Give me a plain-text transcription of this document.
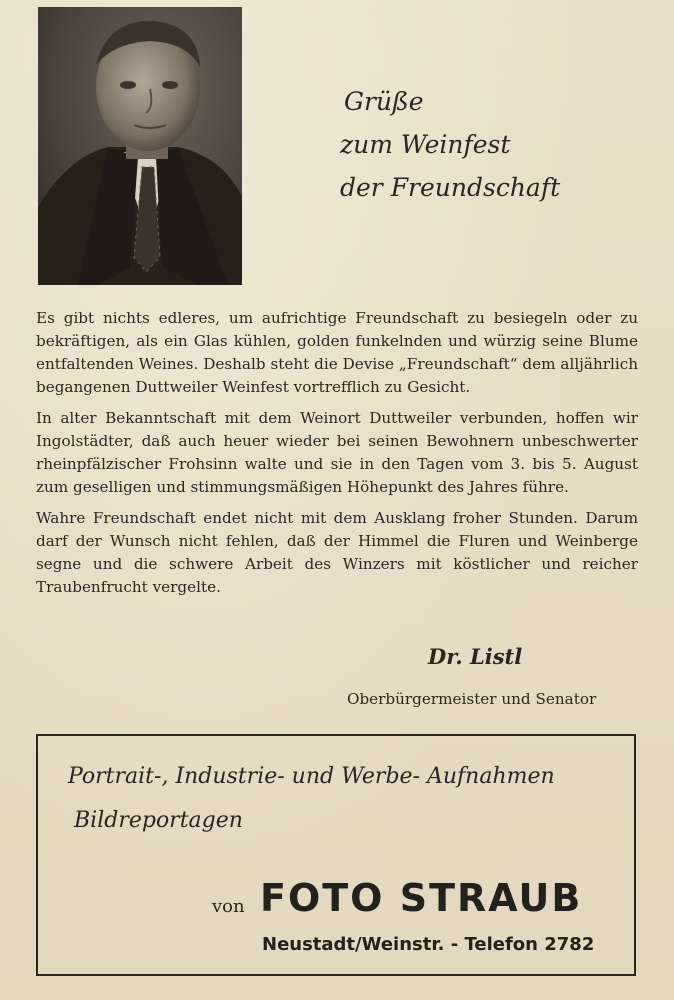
Grüße
zum Weinfest
der Freundschaft

Es gibt nichts edleres, um aufrichtige Freundschaft zu besiegeln oder zu bekräftigen, als ein Glas kühlen, golden funkelnden und würzig seine Blume entfaltenden Weines. Deshalb steht die Devise „Freundschaft“ dem alljährlich begangenen Duttweiler Weinfest vortrefflich zu Gesicht.

In alter Bekanntschaft mit dem Weinort Duttweiler verbunden, hoffen wir Ingolstädter, daß auch heuer wieder bei seinen Bewohnern unbeschwerter rheinpfälzischer Frohsinn walte und sie in den Tagen vom 3. bis 5. August zum geselligen und stimmungsmäßigen Höhepunkt des Jahres führe.

Wahre Freundschaft endet nicht mit dem Ausklang froher Stunden. Darum darf der Wunsch nicht fehlen, daß der Himmel die Fluren und Weinberge segne und die schwere Arbeit des Winzers mit köstlicher und reicher Traubenfrucht vergelte.

Dr. Listl
Oberbürgermeister und Senator
Portrait-, Industrie- und Werbe- Aufnahmen
Bildreportagen
von FOTO STRAUB
Neustadt/Weinstr. - Telefon 2782
